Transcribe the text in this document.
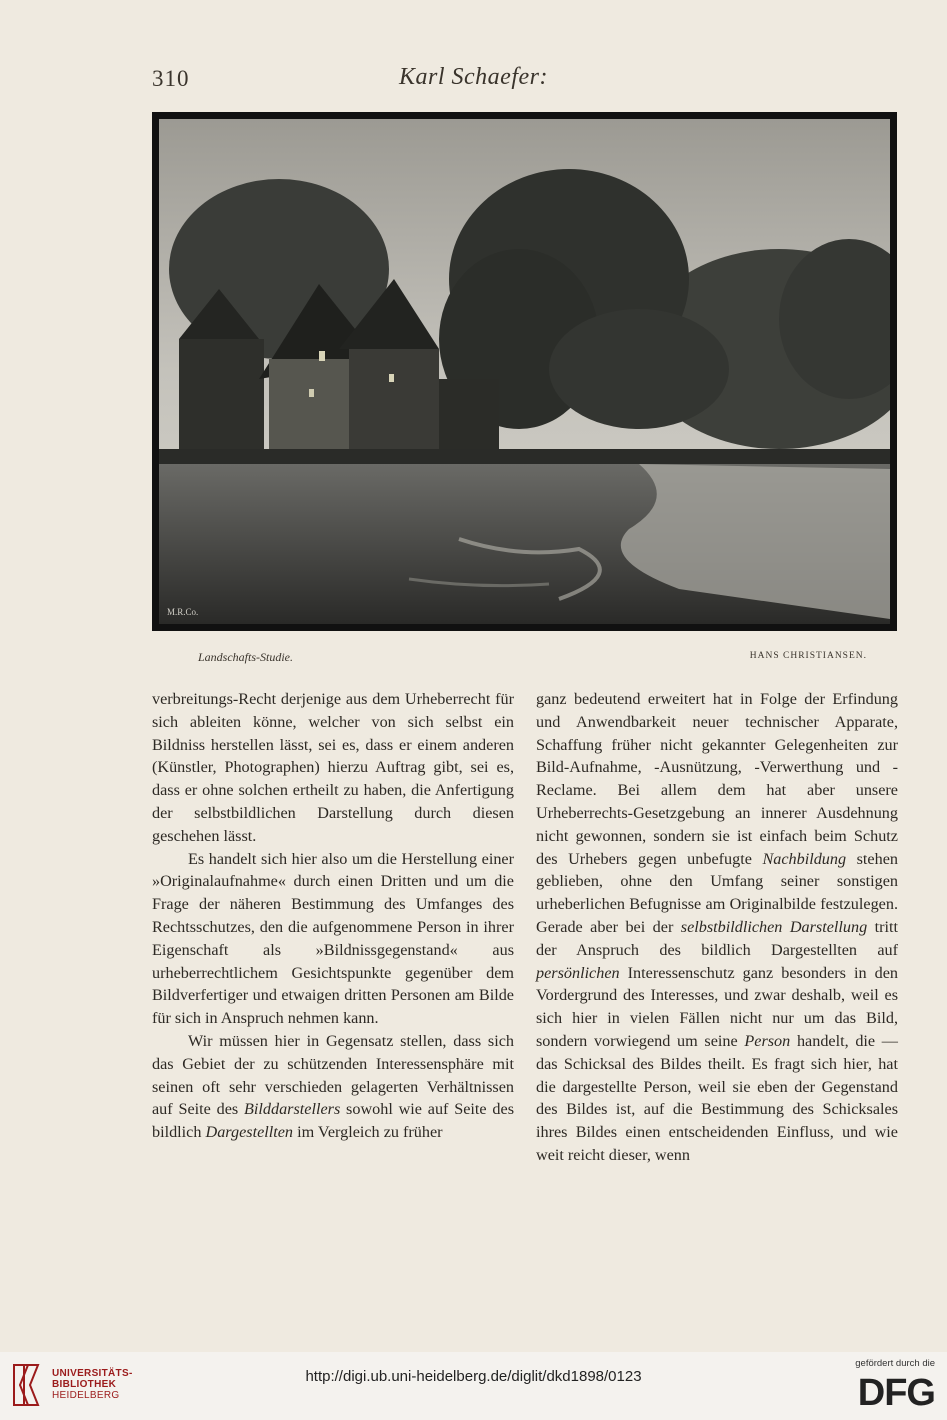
310	Karl Schaefer:
M.R.Co.
Landschafts-Studie.	HANS CHRISTIANSEN.

verbreitungs-Recht derjenige aus dem Urheberrecht für sich ableiten könne, welcher von sich selbst ein Bildniss herstellen lässt, sei es, dass er einem anderen (Künstler, Photographen) hierzu Auftrag gibt, sei es, dass er ohne solchen ertheilt zu haben, die Anfertigung der selbstbildlichen Darstellung durch diesen geschehen lässt.

Es handelt sich hier also um die Herstellung einer »Originalaufnahme« durch einen Dritten und um die Frage der näheren Bestimmung des Umfanges des Rechtsschutzes, den die aufgenommene Person in ihrer Eigenschaft als »Bildnissgegenstand« aus urheberrechtlichem Gesichtspunkte gegenüber dem Bildverfertiger und etwaigen dritten Personen am Bilde für sich in Anspruch nehmen kann.

Wir müssen hier in Gegensatz stellen, dass sich das Gebiet der zu schützenden Interessensphäre mit seinen oft sehr verschieden gelagerten Verhältnissen auf Seite des Bilddarstellers sowohl wie auf Seite des bildlich Dargestellten im Vergleich zu früher

ganz bedeutend erweitert hat in Folge der Erfindung und Anwendbarkeit neuer technischer Apparate, Schaffung früher nicht gekannter Gelegenheiten zur Bild-Aufnahme, -Ausnützung, -Verwerthung und -Reclame. Bei allem dem hat aber unsere Urheberrechts-Gesetzgebung an innerer Ausdehnung nicht gewonnen, sondern sie ist einfach beim Schutz des Urhebers gegen unbefugte Nachbildung stehen geblieben, ohne den Umfang seiner sonstigen urheberlichen Befugnisse am Originalbilde festzulegen. Gerade aber bei der selbstbildlichen Darstellung tritt der Anspruch des bildlich Dargestellten auf persönlichen Interessenschutz ganz besonders in den Vordergrund des Interesses, und zwar deshalb, weil es sich hier in vielen Fällen nicht nur um das Bild, sondern vorwiegend um seine Person handelt, die — das Schicksal des Bildes theilt. Es fragt sich hier, hat die dargestellte Person, weil sie eben der Gegenstand des Bildes ist, auf die Bestimmung des Schicksales ihres Bildes einen entscheidenden Einfluss, und wie weit reicht dieser, wenn

UNIVERSITÄTS-
BIBLIOTHEK
HEIDELBERG
http://digi.ub.uni-heidelberg.de/diglit/dkd1898/0123
gefördert durch die
DFG
